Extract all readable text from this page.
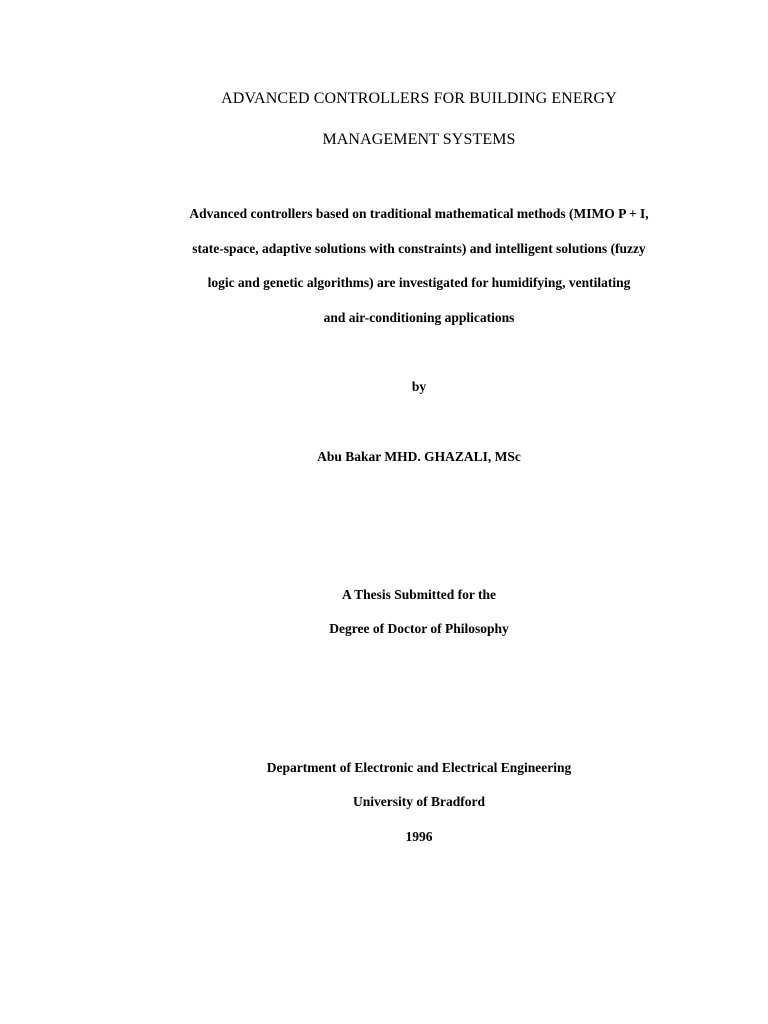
ADVANCED CONTROLLERS FOR BUILDING ENERGY
MANAGEMENT SYSTEMS
Advanced controllers based on traditional mathematical methods (MIMO P + I,
state-space, adaptive solutions with constraints) and intelligent solutions (fuzzy
logic and genetic algorithms) are investigated for humidifying, ventilating
and air-conditioning applications
by
Abu Bakar MHD. GHAZALI, MSc
A Thesis Submitted for the
Degree of Doctor of Philosophy
Department of Electronic and Electrical Engineering
University of Bradford
1996
